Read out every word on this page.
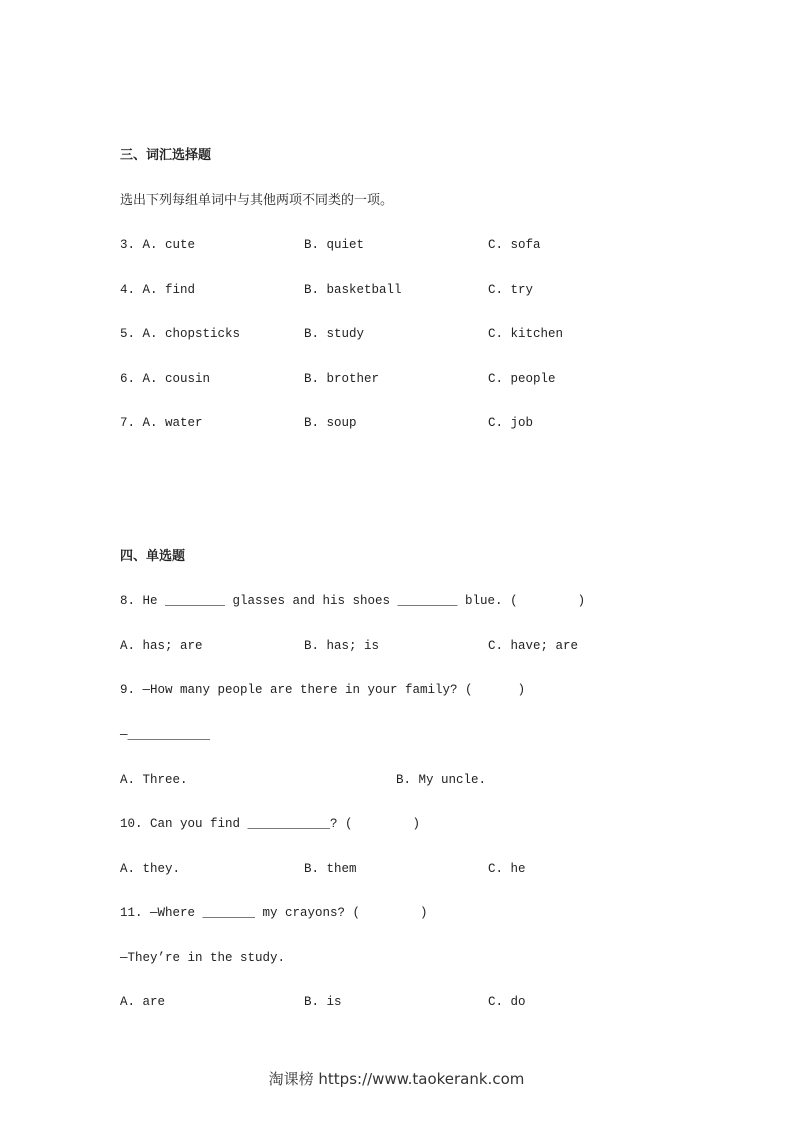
三、词汇选择题
选出下列每组单词中与其他两项不同类的一项。
3. A. cute	B. quiet	C. sofa
4. A. find	B. basketball	C. try
5. A. chopsticks	B. study	C. kitchen
6. A. cousin	B. brother	C. people
7. A. water	B. soup	C. job
四、单选题
8. He ________ glasses and his shoes ________ blue. (        )
A. has; are	B. has; is	C. have; are
9. —How many people are there in your family? (      )
—___________
A. Three.	B. My uncle.
10. Can you find ___________? (        )
A. they.	B. them	C. he
11. —Where _______ my crayons? (        )
—They’re in the study.
A. are	B. is	C. do
淘课榜 https://www.taokerank.com
